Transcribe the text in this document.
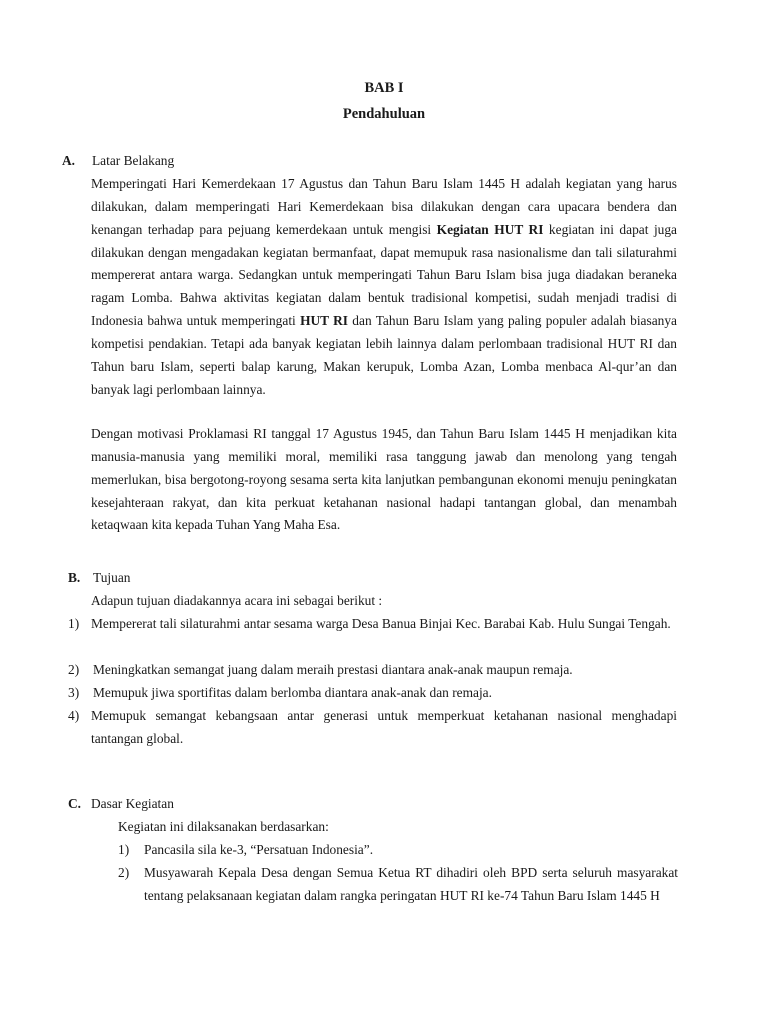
BAB I
Pendahuluan
A. Latar Belakang

Memperingati Hari Kemerdekaan 17 Agustus dan Tahun Baru Islam 1445 H adalah kegiatan yang harus dilakukan, dalam memperingati Hari Kemerdekaan bisa dilakukan dengan cara upacara bendera dan kenangan terhadap para pejuang kemerdekaan untuk mengisi Kegiatan HUT RI kegiatan ini dapat juga dilakukan dengan mengadakan kegiatan bermanfaat, dapat memupuk rasa nasionalisme dan tali silaturahmi mempererat antara warga. Sedangkan untuk memperingati Tahun Baru Islam bisa juga diadakan beraneka ragam Lomba. Bahwa aktivitas kegiatan dalam bentuk tradisional kompetisi, sudah menjadi tradisi di Indonesia bahwa untuk memperingati HUT RI dan Tahun Baru Islam yang paling populer adalah biasanya kompetisi pendakian. Tetapi ada banyak kegiatan lebih lainnya dalam perlombaan tradisional HUT RI dan Tahun baru Islam, seperti balap karung, Makan kerupuk, Lomba Azan, Lomba menbaca Al-qur’an dan banyak lagi perlombaan lainnya.

Dengan motivasi Proklamasi RI tanggal 17 Agustus 1945, dan Tahun Baru Islam 1445 H menjadikan kita manusia-manusia yang memiliki moral, memiliki rasa tanggung jawab dan menolong yang tengah memerlukan, bisa bergotong-royong sesama serta kita lanjutkan pembangunan ekonomi menuju peningkatan kesejahteraan rakyat, dan kita perkuat ketahanan nasional hadapi tantangan global, dan menambah ketaqwaan kita kepada Tuhan Yang Maha Esa.

B. Tujuan

Adapun tujuan diadakannya acara ini sebagai berikut :

1) Mempererat tali silaturahmi antar sesama warga Desa Banua Binjai Kec. Barabai Kab. Hulu Sungai Tengah.
2) Meningkatkan semangat juang dalam meraih prestasi diantara anak-anak maupun remaja.
3) Memupuk jiwa sportifitas dalam berlomba diantara anak-anak dan remaja.
4) Memupuk semangat kebangsaan antar generasi untuk memperkuat ketahanan nasional menghadapi tantangan global.
C. Dasar Kegiatan

Kegiatan ini dilaksanakan berdasarkan:

1) Pancasila sila ke-3, “Persatuan Indonesia”.
2) Musyawarah Kepala Desa dengan Semua Ketua RT dihadiri oleh BPD serta seluruh masyarakat tentang pelaksanaan kegiatan dalam rangka peringatan HUT RI ke-74 Tahun Baru Islam 1445 H
